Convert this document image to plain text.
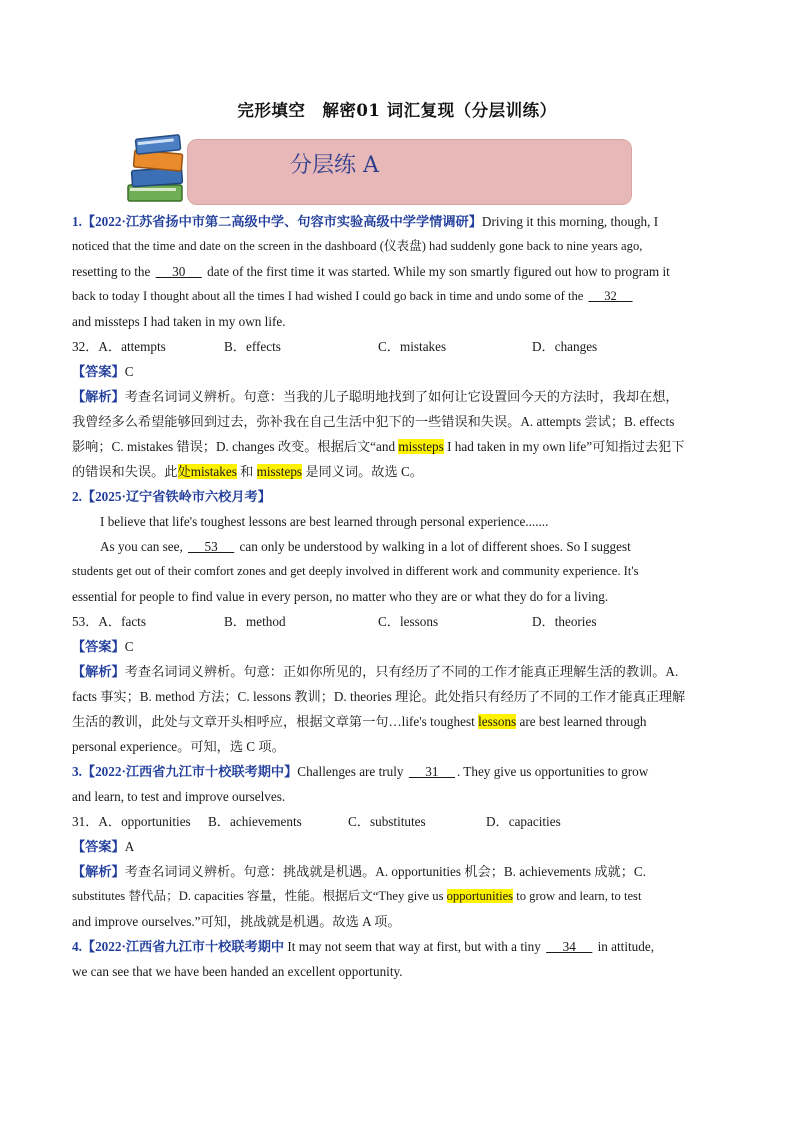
完形填空　解密01 词汇复现（分层训练）
分层练 A

1.【2022·江苏省扬中市第二高级中学、句容市实验高级中学学情调研】Driving it this morning, though, I

noticed that the time and date on the screen in the dashboard (仪表盘) had suddenly gone back to nine years ago,

resetting to the      30      date of the first time it was started. While my son smartly figured out how to program it

back to today I thought about all the times I had wished I could go back in time and undo some of the      32

and missteps I had taken in my own life.

32．A．attempts	B．effects	C．mistakes	D．changes

【答案】C

【解析】考查名词词义辨析。句意：当我的儿子聪明地找到了如何让它设置回今天的方法时，我却在想，

我曾经多么希望能够回到过去，弥补我在自己生活中犯下的一些错误和失误。A. attempts 尝试；B. effects

影响；C. mistakes 错误；D. changes 改变。根据后文“and missteps I had taken in my own life”可知指过去犯下

的错误和失误。此处mistakes 和 missteps 是同义词。故选 C。

2.【2025·辽宁省铁岭市六校月考】

I believe that life's toughest lessons are best learned through personal experience.......

As you can see,      53      can only be understood by walking in a lot of different shoes. So I suggest

students get out of their comfort zones and get deeply involved in different work and community experience. It's

essential for people to find value in every person, no matter who they are or what they do for a living.

53．A．facts	B．method	C．lessons	D．theories

【答案】C

【解析】考查名词词义辨析。句意：正如你所见的，只有经历了不同的工作才能真正理解生活的教训。A.

facts 事实；B. method 方法；C. lessons 教训；D. theories 理论。此处指只有经历了不同的工作才能真正理解

生活的教训，此处与文章开头相呼应，根据文章第一句…life's toughest lessons are best learned through

personal experience。可知，选 C 项。

3.【2022·江西省九江市十校联考期中】Challenges are truly      31     . They give us opportunities to grow

and learn, to test and improve ourselves.

31．A．opportunities	B．achievements	C．substitutes	D．capacities

【答案】A

【解析】考查名词词义辨析。句意：挑战就是机遇。A. opportunities 机会；B. achievements 成就；C.

substitutes 替代品；D. capacities 容量，性能。根据后文“They give us opportunities to grow and learn, to test

and improve ourselves.”可知，挑战就是机遇。故选 A 项。

4.【2022·江西省九江市十校联考期中 It may not seem that way at first, but with a tiny      34      in attitude,

we can see that we have been handed an excellent opportunity.
